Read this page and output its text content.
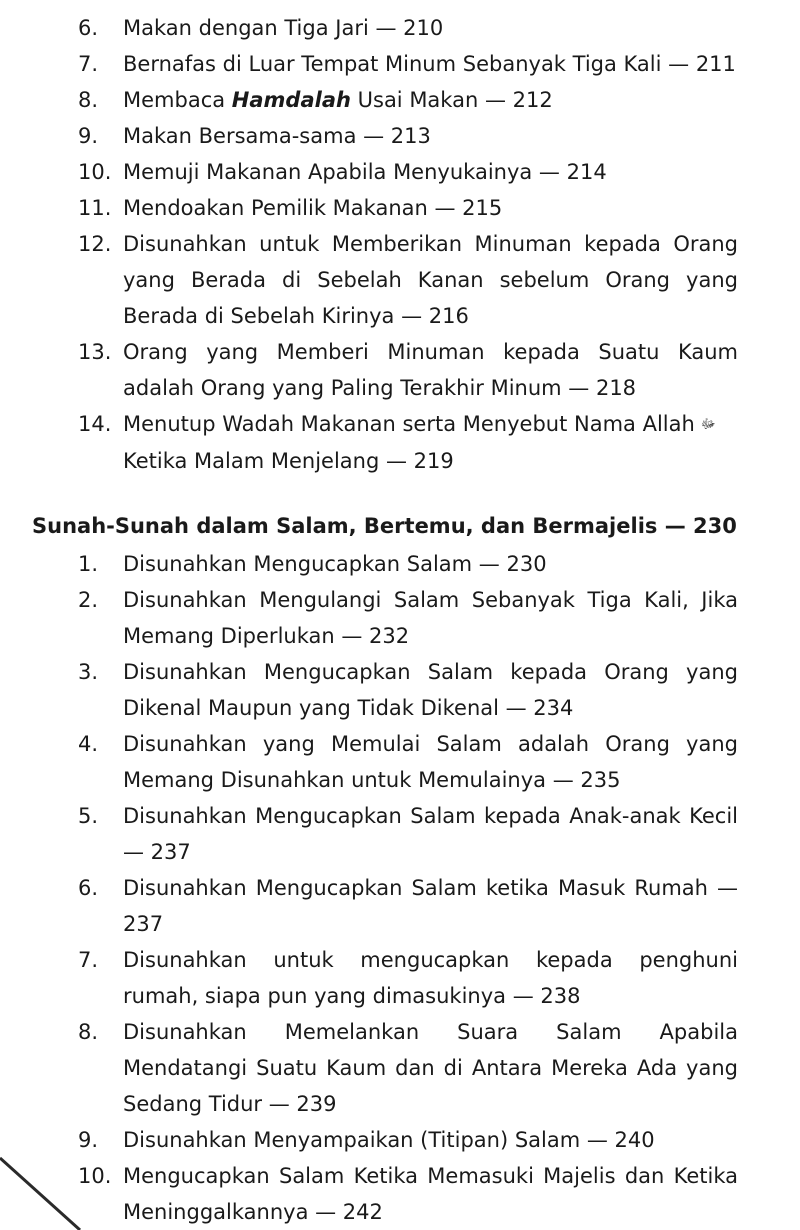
6.	Makan dengan Tiga Jari — 210
7.	Bernafas di Luar Tempat Minum Sebanyak Tiga Kali — 211
8.	Membaca Hamdalah Usai Makan — 212
9.	Makan Bersama-sama — 213
10. Memuji Makanan Apabila Menyukainya — 214
11. Mendoakan Pemilik Makanan — 215
12. Disunahkan untuk Memberikan Minuman kepada Orang yang Berada di Sebelah Kanan sebelum Orang yang Berada di Sebelah Kirinya — 216
13. Orang yang Memberi Minuman kepada Suatu Kaum adalah Orang yang Paling Terakhir Minum — 218
14. Menutup Wadah Makanan serta Menyebut Nama Allah ﷻ
Ketika Malam Menjelang — 219
Sunah-Sunah dalam Salam, Bertemu, dan Bermajelis — 230
1.	Disunahkan Mengucapkan Salam — 230
2.	Disunahkan Mengulangi Salam Sebanyak Tiga Kali, Jika Memang Diperlukan — 232
3.	Disunahkan Mengucapkan Salam kepada Orang yang Dikenal Maupun yang Tidak Dikenal — 234
4.	Disunahkan yang Memulai Salam adalah Orang yang Memang Disunahkan untuk Memulainya — 235
5.	Disunahkan Mengucapkan Salam kepada Anak-anak Kecil — 237
6.	Disunahkan Mengucapkan Salam ketika Masuk Rumah — 237
7.	Disunahkan untuk mengucapkan kepada penghuni rumah, siapa pun yang dimasukinya — 238
8.	Disunahkan Memelankan Suara Salam Apabila Mendatangi Suatu Kaum dan di Antara Mereka Ada yang Sedang Tidur — 239
9.	Disunahkan Menyampaikan (Titipan) Salam — 240
10. Mengucapkan Salam Ketika Memasuki Majelis dan Ketika Meninggalkannya — 242
